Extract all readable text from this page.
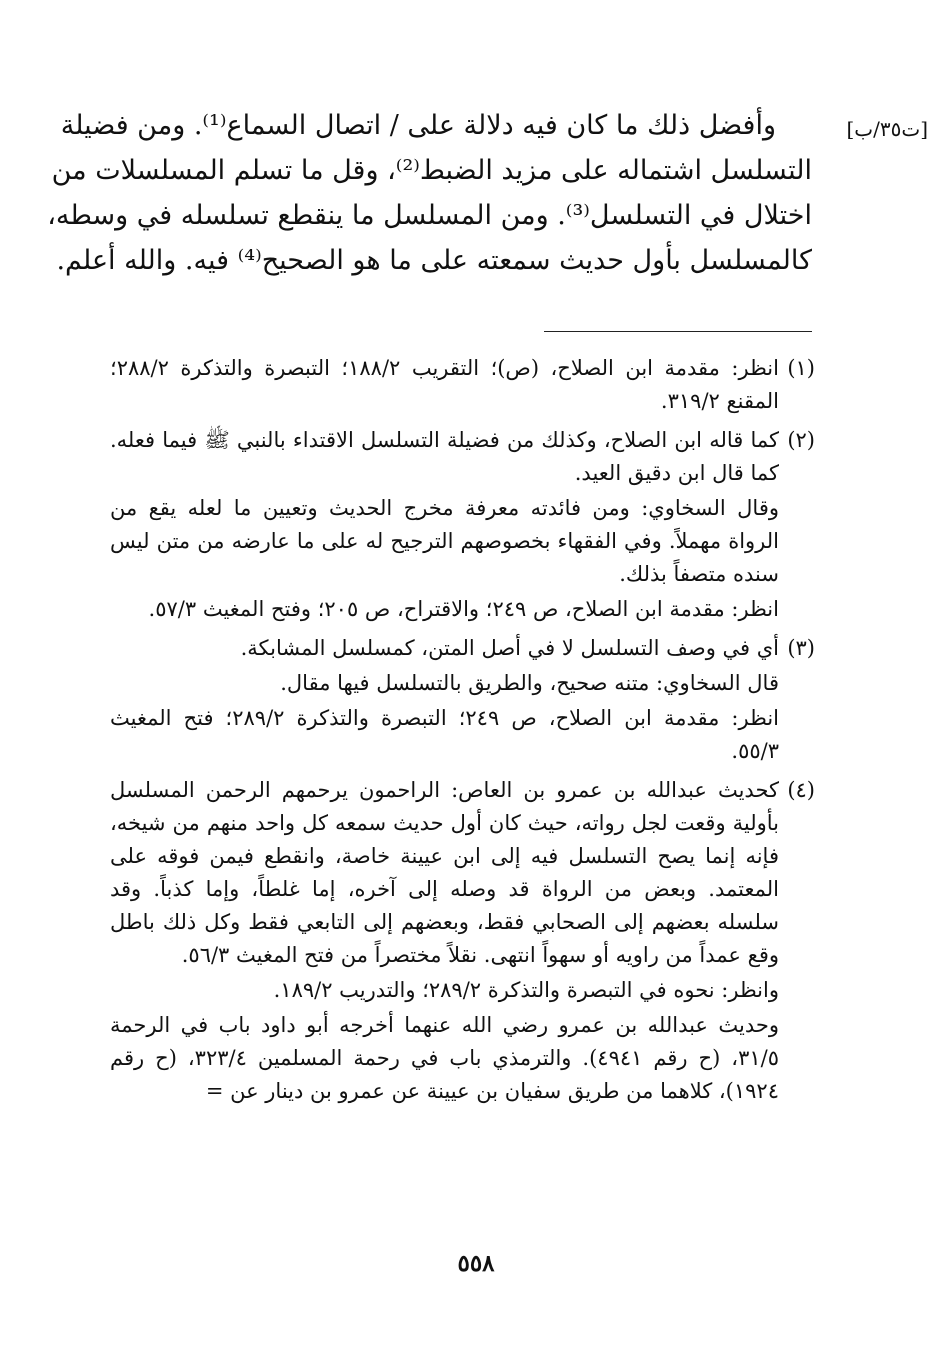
[ت٣٥/ب]
وأفضل ذلك ما كان فيه دلالة على / اتصال السماع⁽¹⁾. ومن فضيلة
التسلسل اشتماله على مزيد الضبط⁽²⁾، وقل ما تسلم المسلسلات من
اختلال في التسلسل⁽³⁾. ومن المسلسل ما ينقطع تسلسله في وسطه،
كالمسلسل بأول حديث سمعته على ما هو الصحيح⁽⁴⁾ فيه. والله أعلم.
(١)
انظر: مقدمة ابن الصلاح، (ص)؛ التقريب ١٨٨/٢؛ التبصرة والتذكرة ٢٨٨/٢؛ المقنع ٣١٩/٢.
(٢)
كما قاله ابن الصلاح، وكذلك من فضيلة التسلسل الاقتداء بالنبي ﷺ فيما فعله. كما قال ابن دقيق العيد.
وقال السخاوي: ومن فائدته معرفة مخرج الحديث وتعيين ما لعله يقع من الرواة مهملاً. وفي الفقهاء بخصوصهم الترجيح له على ما عارضه من متن ليس سنده متصفاً بذلك.
انظر: مقدمة ابن الصلاح، ص ٢٤٩؛ والاقتراح، ص ٢٠٥؛ وفتح المغيث ٥٧/٣.
(٣)
أي في وصف التسلسل لا في أصل المتن، كمسلسل المشابكة.
قال السخاوي: متنه صحيح، والطريق بالتسلسل فيها مقال.
انظر: مقدمة ابن الصلاح، ص ٢٤٩؛ التبصرة والتذكرة ٢٨٩/٢؛ فتح المغيث ٥٥/٣.
(٤)
كحديث عبدالله بن عمرو بن العاص: الراحمون يرحمهم الرحمن المسلسل بأولية وقعت لجل رواته، حيث كان أول حديث سمعه كل واحد منهم من شيخه، فإنه إنما يصح التسلسل فيه إلى ابن عيينة خاصة، وانقطع فيمن فوقه على المعتمد. وبعض من الرواة قد وصله إلى آخره، إما غلطاً، وإما كذباً. وقد سلسله بعضهم إلى الصحابي فقط، وبعضهم إلى التابعي فقط وكل ذلك باطل وقع عمداً من راويه أو سهواً انتهى. نقلاً مختصراً من فتح المغيث ٥٦/٣.
وانظر: نحوه في التبصرة والتذكرة ٢٨٩/٢؛ والتدريب ١٨٩/٢.
وحديث عبدالله بن عمرو رضي الله عنهما أخرجه أبو داود باب في الرحمة ٣١/٥، (ح رقم ٤٩٤١). والترمذي باب في رحمة المسلمين ٣٢٣/٤، (ح رقم ١٩٢٤)، كلاهما من طريق سفيان بن عيينة عن عمرو بن دينار عن =
٥٥٨
